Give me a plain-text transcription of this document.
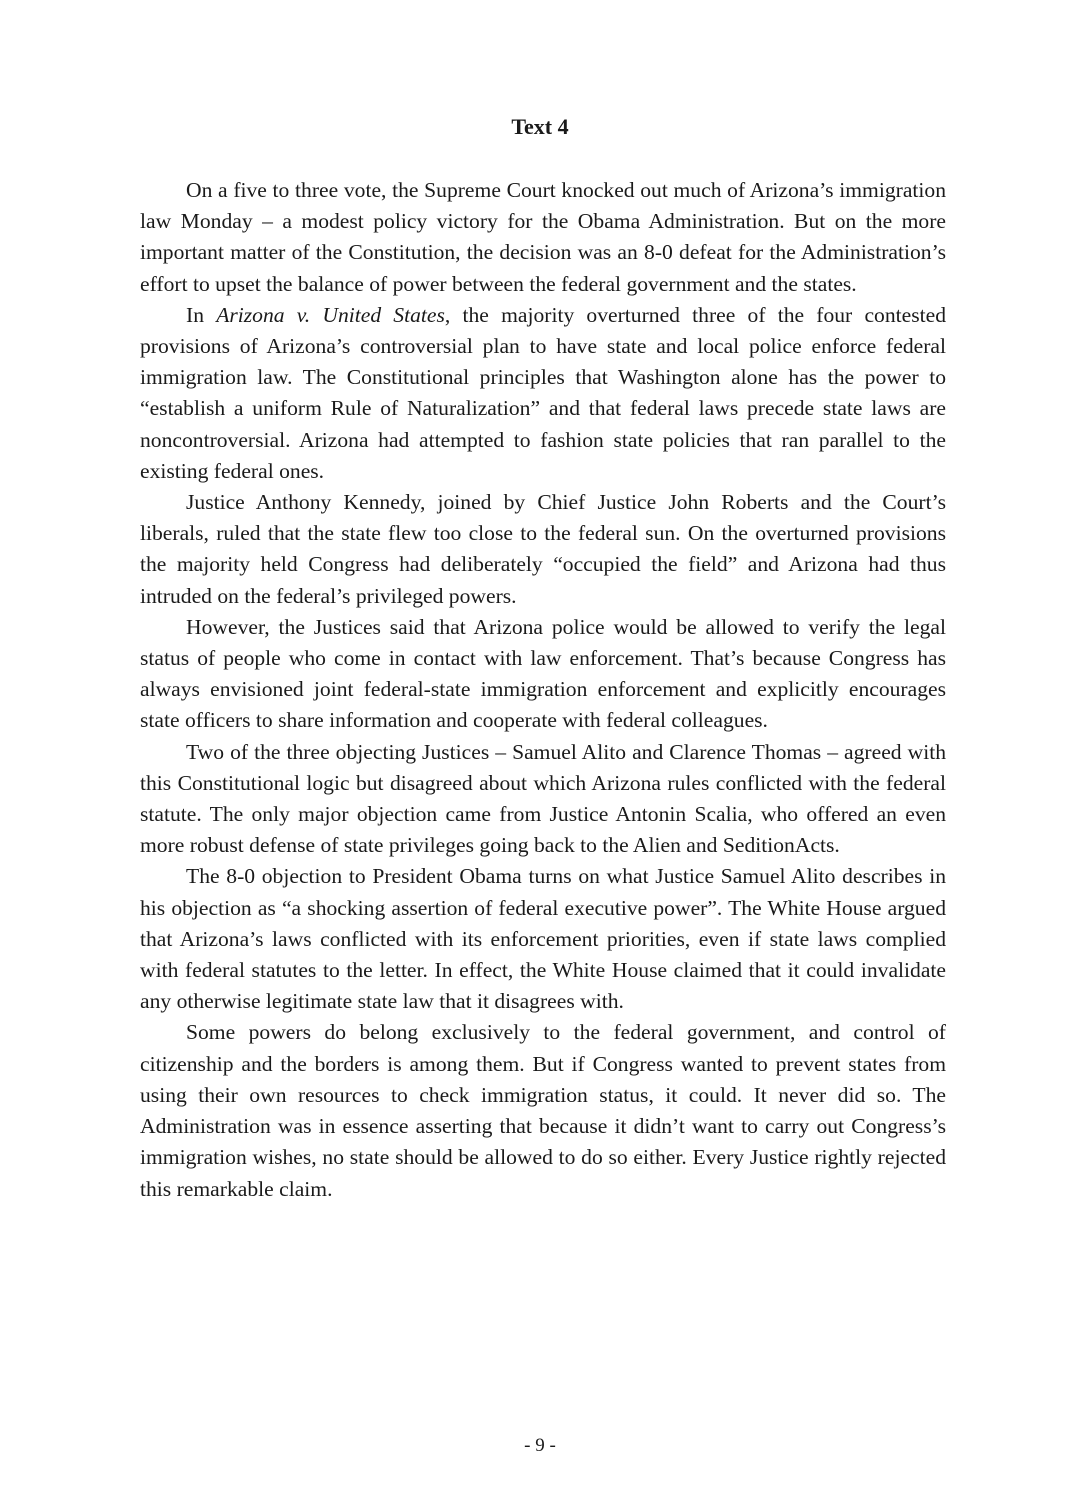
Text 4

On a five to three vote, the Supreme Court knocked out much of Arizona’s immigration law Monday – a modest policy victory for the Obama Administration. But on the more important matter of the Constitution, the decision was an 8-0 defeat for the Administration’s effort to upset the balance of power between the federal government and the states.

In Arizona v. United States, the majority overturned three of the four contested provisions of Arizona’s controversial plan to have state and local police enforce federal immigration law. The Constitutional principles that Washington alone has the power to “establish a uniform Rule of Naturalization” and that federal laws precede state laws are noncontroversial. Arizona had attempted to fashion state policies that ran parallel to the existing federal ones.

Justice Anthony Kennedy, joined by Chief Justice John Roberts and the Court’s liberals, ruled that the state flew too close to the federal sun. On the overturned provisions the majority held Congress had deliberately “occupied the field” and Arizona had thus intruded on the federal’s privileged powers.

However, the Justices said that Arizona police would be allowed to verify the legal status of people who come in contact with law enforcement. That’s because Congress has always envisioned joint federal-state immigration enforcement and explicitly encourages state officers to share information and cooperate with federal colleagues.

Two of the three objecting Justices – Samuel Alito and Clarence Thomas – agreed with this Constitutional logic but disagreed about which Arizona rules conflicted with the federal statute. The only major objection came from Justice Antonin Scalia, who offered an even more robust defense of state privileges going back to the Alien and SeditionActs.

The 8-0 objection to President Obama turns on what Justice Samuel Alito describes in his objection as “a shocking assertion of federal executive power”. The White House argued that Arizona’s laws conflicted with its enforcement priorities, even if state laws complied with federal statutes to the letter. In effect, the White House claimed that it could invalidate any otherwise legitimate state law that it disagrees with.

Some powers do belong exclusively to the federal government, and control of citizenship and the borders is among them. But if Congress wanted to prevent states from using their own resources to check immigration status, it could. It never did so. The Administration was in essence asserting that because it didn’t want to carry out Congress’s immigration wishes, no state should be allowed to do so either. Every Justice rightly rejected this remarkable claim.

- 9 -
